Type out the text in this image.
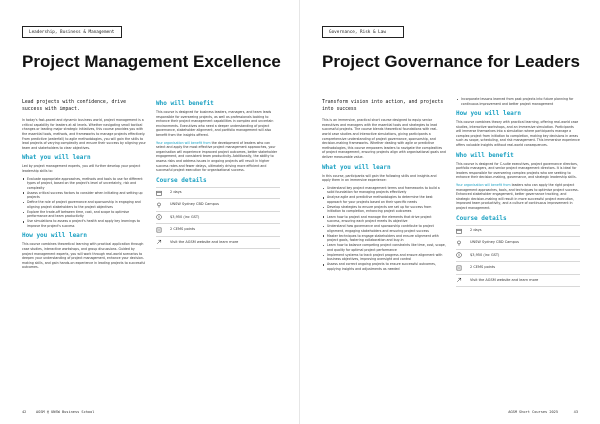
Leadership, Business & Management
Project Management Excellence

Lead projects with confidence, drive success with impact.

In today's fast-paced and dynamic business world, project management is a critical capability for leaders at all levels. Whether navigating small tactical changes or leading major strategic initiatives, this course provides you with the essential tools, methods, and frameworks to manage projects effectively. From predictive (waterfall) to agile methodologies, you will gain the skills to lead projects of varying complexity and ensure their success by aligning your team and stakeholders to clear objectives.

What you will learn

Led by project management experts, you will further develop your project leadership skills to:

Evaluate appropriate approaches, methods and tools to use for different types of project, based on the project's level of uncertainty, risk and complexity
Assess critical success factors to consider when initiating and setting up projects
Define the role of project governance and sponsorship in engaging and aligning project stakeholders to the project objectives
Explore the trade-off between time, cost, and scope to optimise performance and team productivity
Use simulations to assess a project's health and apply key learnings to improve the project's success
How you will learn

This course combines theoretical learning with practical application through case studies, interactive workshops, and group discussions. Guided by project management experts, you will work through real-world scenarios to deepen your understanding of project management, enhance your decision-making skills, and gain hands-on experience in leading projects to successful outcomes.

Who will benefit

This course is designed for business leaders, managers, and team leads responsible for overseeing projects, as well as professionals looking to enhance their project management capabilities in complex and uncertain environments. Executives who need a deeper understanding of project governance, stakeholder alignment, and portfolio management will also benefit from the insights offered.

Your organisation will benefit from the development of leaders who can select and apply the most effective project management approaches, your organisation will experience improved project outcomes, better stakeholder engagement, and consistent team productivity. Additionally, the ability to assess risks and address issues in ongoing projects will result in higher success rates and fewer delays, ultimately driving more efficient and successful project execution for organisational success.

Course details
2 days
UNSW Sydney CBD Campus
$3,950 (inc GST)
2 CEMS points
Visit the AGSM website and learn more
42	AGSM @ UNSW Business School
Governance, Risk & Law
Project Governance for Leaders

Transform vision into action, and projects into success

This is an immersive, practical short course designed to equip senior executives and managers with the essential tools and strategies to lead successful projects. The course blends theoretical foundations with real-world case studies and interactive simulations, giving participants a comprehensive understanding of project governance, sponsorship, and decision-making frameworks. Whether dealing with agile or predictive methodologies, this course empowers leaders to navigate the complexities of project management, ensuring projects align with organisational goals and deliver measurable value.

What you will learn

In this course, participants will gain the following skills and insights and apply them in an immersive experience:

Understand key project management terms and frameworks to build a solid foundation for managing projects effectively
Analyse agile and predictive methodologies to determine the best approach for your projects based on their specific needs
Develop strategies to ensure projects are set up for success from initiation to completion, enhancing project outcomes
Learn how to project and manage the elements that drive project success, ensuring each project meets its objective
Understand how governance and sponsorship contribute to project alignment, engaging stakeholders and ensuring project success
Master techniques to engage stakeholders and ensure alignment with project goals, fostering collaboration and buy-in
Learn how to balance competing project constraints like time, cost, scope, and quality for optimal project performance
Implement systems to track project progress and ensure alignment with business objectives, improving oversight and control
Assess and correct ongoing projects to ensure successful outcomes, applying insights and adjustments as needed
Incorporate lessons learned from past projects into future planning for continuous improvement and better project management
How you will learn

This course combines theory with practical learning, offering real-world case studies, interactive workshops, and an immersive simulation. Participants will immerse themselves into a simulation where participants manage a complex project from initiation to completion, making key decisions in areas such as scope, scheduling, and risk management. This immersive experience offers valuable insights without real-world consequences.

Who will benefit

This course is designed for C-suite executives, project governance directors, portfolio managers, and senior project management directors. It is ideal for leaders responsible for overseeing complex projects who are seeking to enhance their decision-making, governance, and strategic leadership skills.

Your organisation will benefit from leaders who can apply the right project management approaches, tools, and techniques to optimise project success. Enhanced stakeholder engagement, better governance tracking, and strategic decision-making will result in more successful project execution, improved team productivity, and a culture of continuous improvement in project management.

Course details
2 days
UNSW Sydney CBD Campus
$3,950 (inc GST)
2 CEMS points
Visit the AGSM website and learn more
AGSM Short Courses 2025	43
